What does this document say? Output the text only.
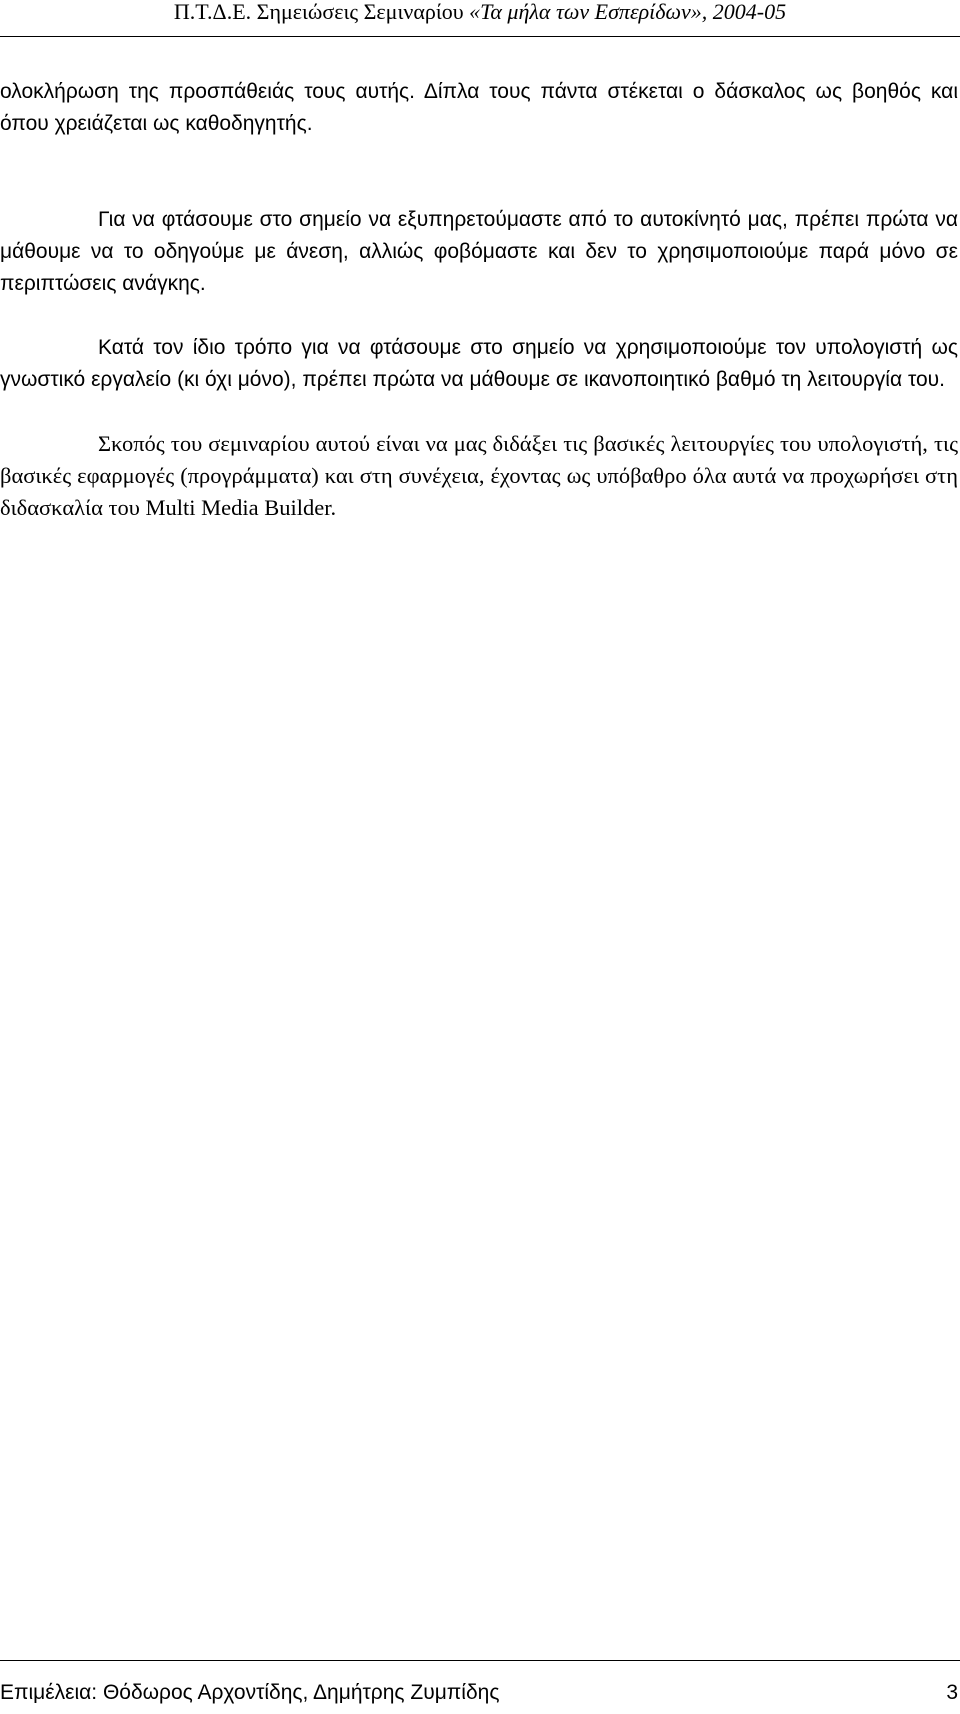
Π.Τ.Δ.Ε. Σημειώσεις Σεμιναρίου «Τα μήλα των Εσπερίδων», 2004-05

ολοκλήρωση της προσπάθειάς τους αυτής. Δίπλα τους πάντα στέκεται ο δάσκαλος ως βοηθός και όπου χρειάζεται ως καθοδηγητής.

Για να φτάσουμε στο σημείο να εξυπηρετούμαστε από το αυτοκίνητό μας, πρέπει πρώτα να μάθουμε να το οδηγούμε με άνεση, αλλιώς φοβόμαστε και δεν το χρησιμοποιούμε παρά μόνο σε περιπτώσεις ανάγκης.

Κατά τον ίδιο τρόπο για να φτάσουμε στο σημείο να χρησιμοποιούμε τον υπολογιστή ως γνωστικό εργαλείο (κι όχι μόνο), πρέπει πρώτα να μάθουμε σε ικανοποιητικό βαθμό τη λειτουργία του.

Σκοπός του σεμιναρίου αυτού είναι να μας διδάξει τις βασικές λειτουργίες του υπολογιστή, τις βασικές εφαρμογές (προγράμματα) και στη συνέχεια, έχοντας ως υπόβαθρο όλα αυτά να προχωρήσει στη διδασκαλία του Multi Media Builder.

Επιμέλεια: Θόδωρος Αρχοντίδης, Δημήτρης Ζυμπίδης	3
